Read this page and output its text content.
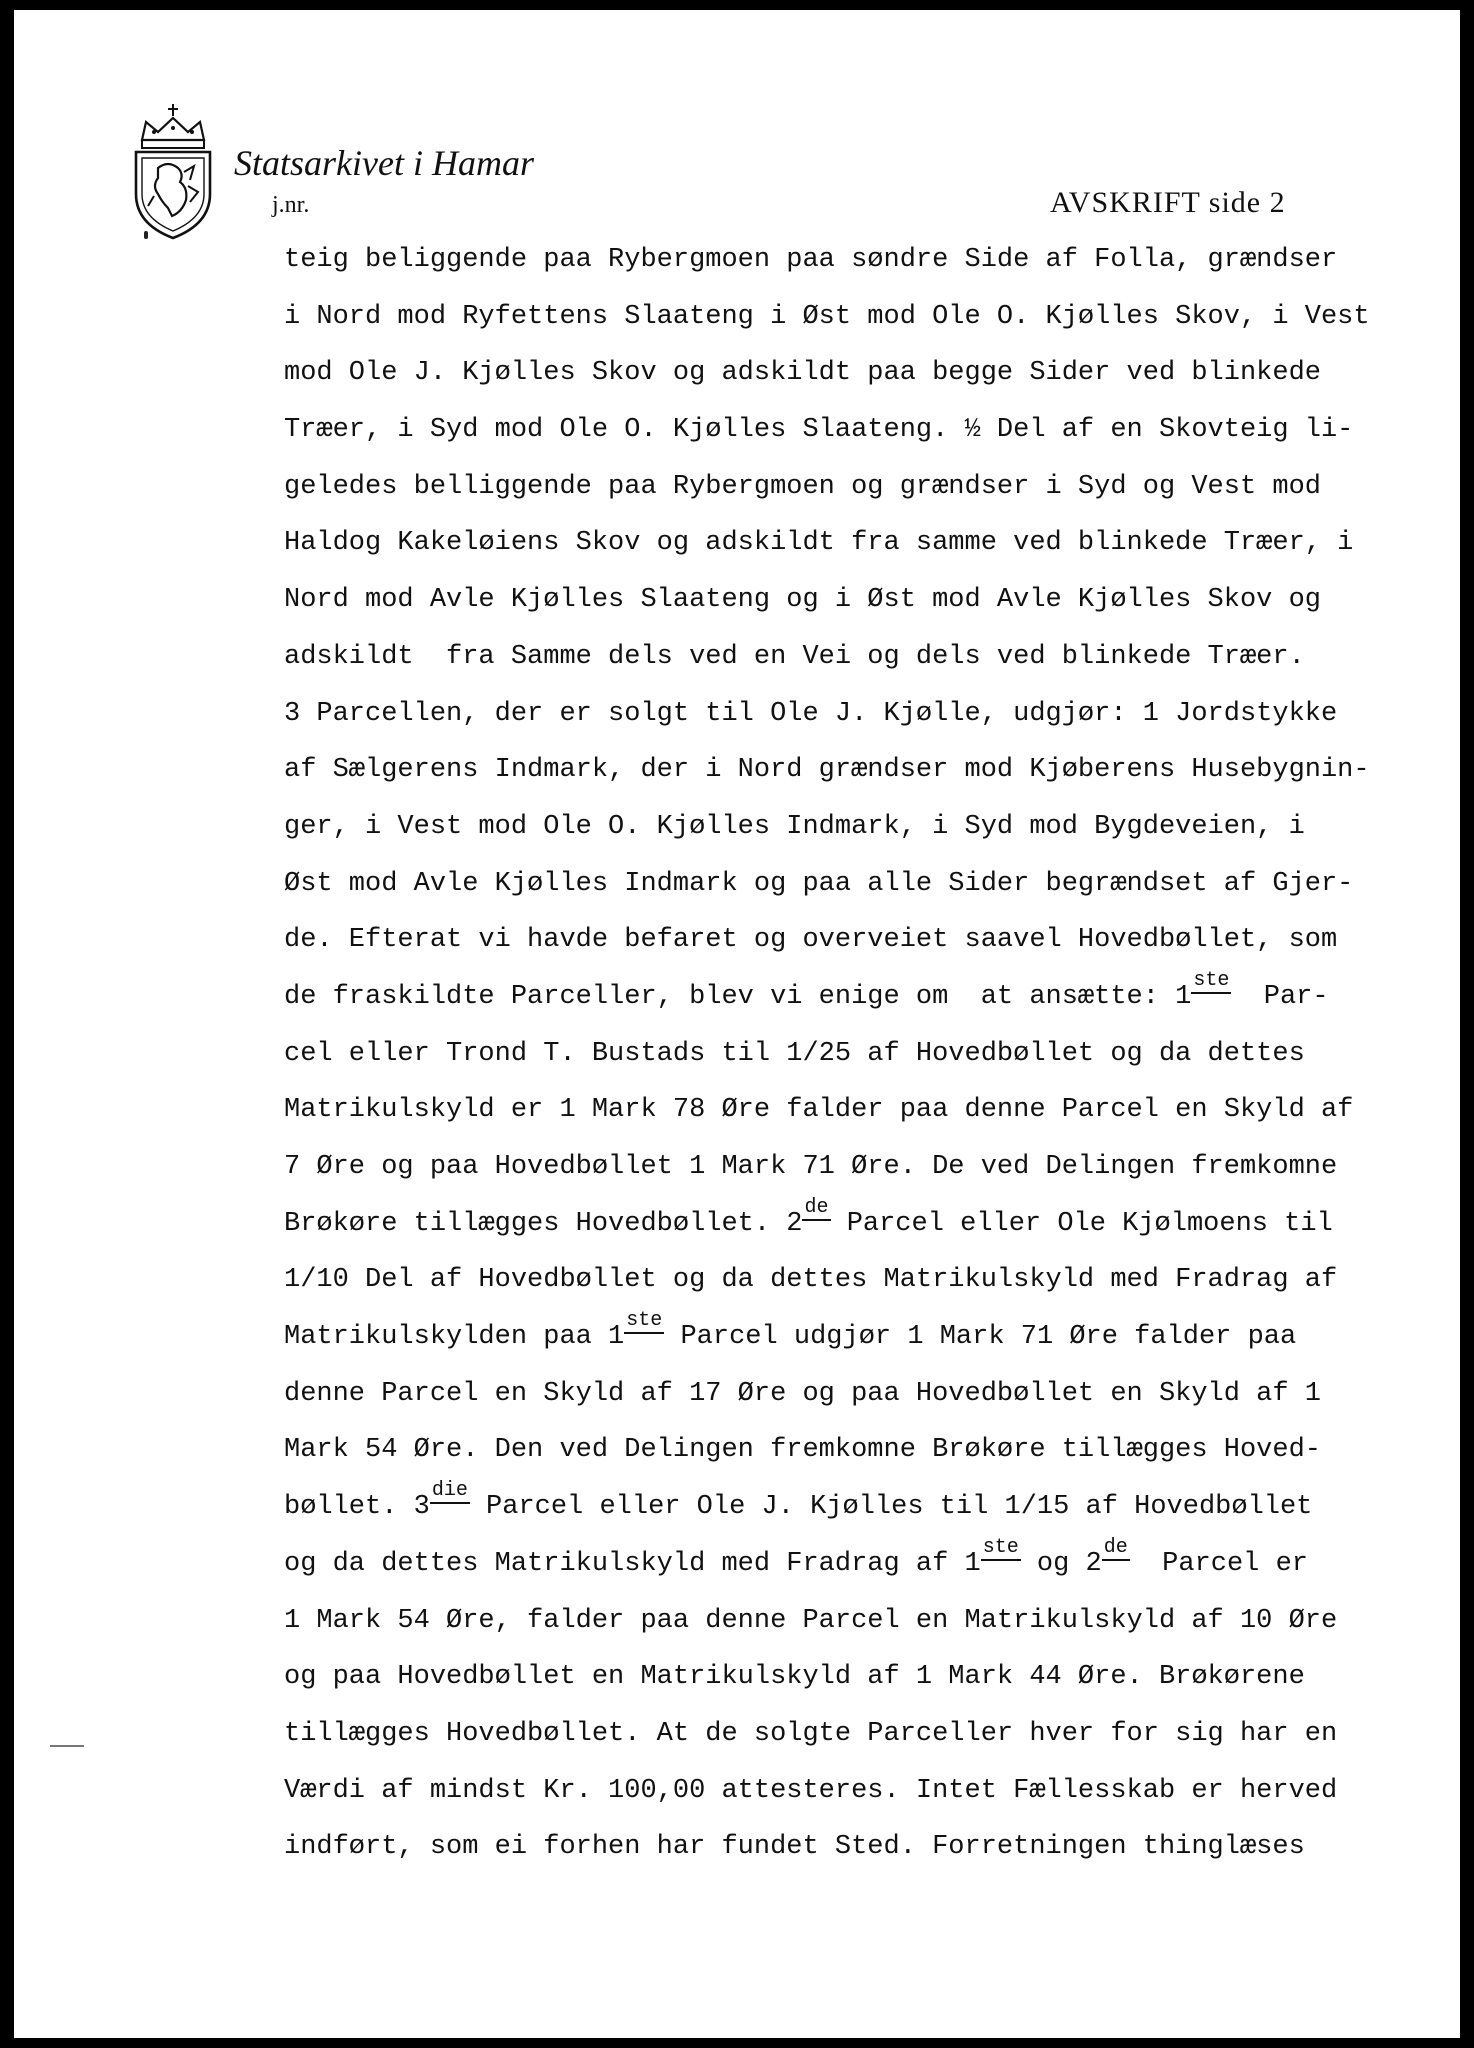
Statsarkivet i Hamar
j.nr.	AVSKRIFT side 2
teig beliggende paa Rybergmoen paa søndre Side af Folla, grændser
i Nord mod Ryfettens Slaateng i Øst mod Ole O. Kjølles Skov, i Vest
mod Ole J. Kjølles Skov og adskildt paa begge Sider ved blinkede
Træer, i Syd mod Ole O. Kjølles Slaateng. ½ Del af en Skovteig li-
geledes belliggende paa Rybergmoen og grændser i Syd og Vest mod
Haldog Kakeløiens Skov og adskildt fra samme ved blinkede Træer, i
Nord mod Avle Kjølles Slaateng og i Øst mod Avle Kjølles Skov og
adskildt  fra Samme dels ved en Vei og dels ved blinkede Træer.
3 Parcellen, der er solgt til Ole J. Kjølle, udgjør: 1 Jordstykke
af Sælgerens Indmark, der i Nord grændser mod Kjøberens Husebygnin-
ger, i Vest mod Ole O. Kjølles Indmark, i Syd mod Bygdeveien, i
Øst mod Avle Kjølles Indmark og paa alle Sider begrændset af Gjer-
de. Efterat vi havde befaret og overveiet saavel Hovedbøllet, som
de fraskildte Parceller, blev vi enige om  at ansætte: 1ste  Par-
cel eller Trond T. Bustads til 1/25 af Hovedbøllet og da dettes
Matrikulskyld er 1 Mark 78 Øre falder paa denne Parcel en Skyld af
7 Øre og paa Hovedbøllet 1 Mark 71 Øre. De ved Delingen fremkomne
Brøkøre tillægges Hovedbøllet. 2de Parcel eller Ole Kjølmoens til
1/10 Del af Hovedbøllet og da dettes Matrikulskyld med Fradrag af
Matrikulskylden paa 1ste Parcel udgjør 1 Mark 71 Øre falder paa
denne Parcel en Skyld af 17 Øre og paa Hovedbøllet en Skyld af 1
Mark 54 Øre. Den ved Delingen fremkomne Brøkøre tillægges Hoved-
bøllet. $3^{die}$ Parcel eller Ole J. Kjølles til 1/15 af Hovedbøllet
og da dettes Matrikulskyld med Fradrag af 1ste og 2de  Parcel er
1 Mark 54 Øre, falder paa denne Parcel en Matrikulskyld af 10 Øre
og paa Hovedbøllet en Matrikulskyld af 1 Mark 44 Øre. Brøkørene
tillægges Hovedbøllet. At de solgte Parceller hver for sig har en
Værdi af mindst Kr. 100,00 attesteres. Intet Fællesskab er herved
indført, som ei forhen har fundet Sted. Forretningen thinglæses
